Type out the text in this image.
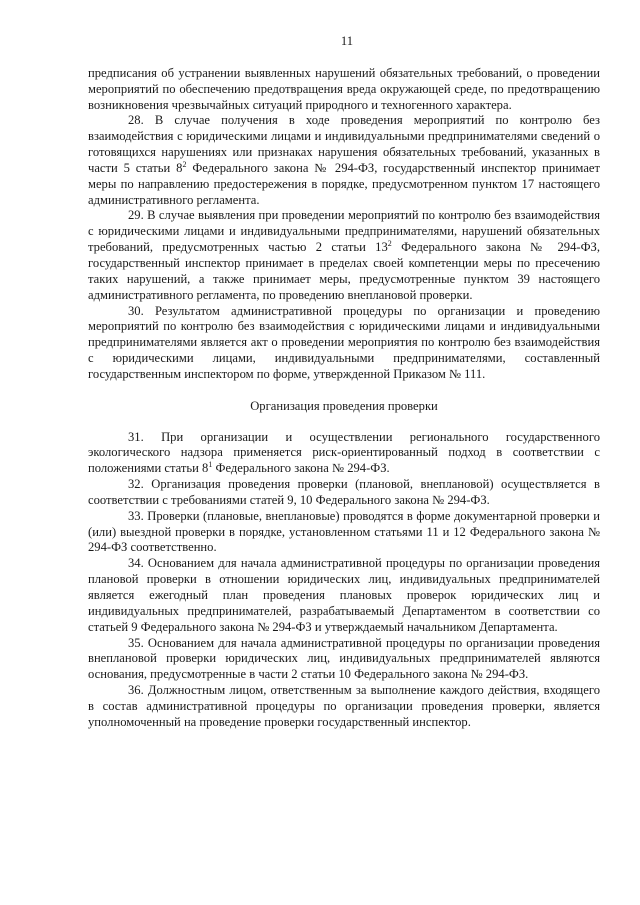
11

предписания об устранении выявленных нарушений обязательных требований, о проведении мероприятий по обеспечению предотвращения вреда окружающей среде, по предотвращению возникновения чрезвычайных ситуаций природного и техногенного характера.

28. В случае получения в ходе проведения мероприятий по контролю без взаимодействия с юридическими лицами и индивидуальными предпринимателями сведений о готовящихся нарушениях или признаках нарушения обязательных требований, указанных в части 5 статьи $8^2$ Федерального закона № 294-ФЗ, государственный инспектор принимает меры по направлению предостережения в порядке, предусмотренном пунктом 17 настоящего административного регламента.

29. В случае выявления при проведении мероприятий по контролю без взаимодействия с юридическими лицами и индивидуальными предпринимателями, нарушений обязательных требований, предусмотренных частью 2 статьи $13^2$ Федерального закона № 294-ФЗ, государственный инспектор принимает в пределах своей компетенции меры по пресечению таких нарушений, а также принимает меры, предусмотренные пунктом 39 настоящего административного регламента, по проведению внеплановой проверки.

30. Результатом административной процедуры по организации и проведению мероприятий по контролю без взаимодействия с юридическими лицами и индивидуальными предпринимателями является акт о проведении мероприятия по контролю без взаимодействия с юридическими лицами, индивидуальными предпринимателями, составленный государственным инспектором по форме, утвержденной Приказом № 111.

Организация проведения проверки

31. При организации и осуществлении регионального государственного экологического надзора применяется риск-ориентированный подход в соответствии с положениями статьи $8^1$ Федерального закона № 294-ФЗ.

32. Организация проведения проверки (плановой, внеплановой) осуществляется в соответствии с требованиями статей 9, 10 Федерального закона № 294-ФЗ.

33. Проверки (плановые, внеплановые) проводятся в форме документарной проверки и (или) выездной проверки в порядке, установленном статьями 11 и 12 Федерального закона № 294-ФЗ соответственно.

34. Основанием для начала административной процедуры по организации проведения плановой проверки в отношении юридических лиц, индивидуальных предпринимателей является ежегодный план проведения плановых проверок юридических лиц и индивидуальных предпринимателей, разрабатываемый Департаментом в соответствии со статьей 9 Федерального закона № 294-ФЗ и утверждаемый начальником Департамента.

35. Основанием для начала административной процедуры по организации проведения внеплановой проверки юридических лиц, индивидуальных предпринимателей являются основания, предусмотренные в части 2 статьи 10 Федерального закона № 294-ФЗ.

36. Должностным лицом, ответственным за выполнение каждого действия, входящего в состав административной процедуры по организации проведения проверки, является уполномоченный на проведение проверки государственный инспектор.
